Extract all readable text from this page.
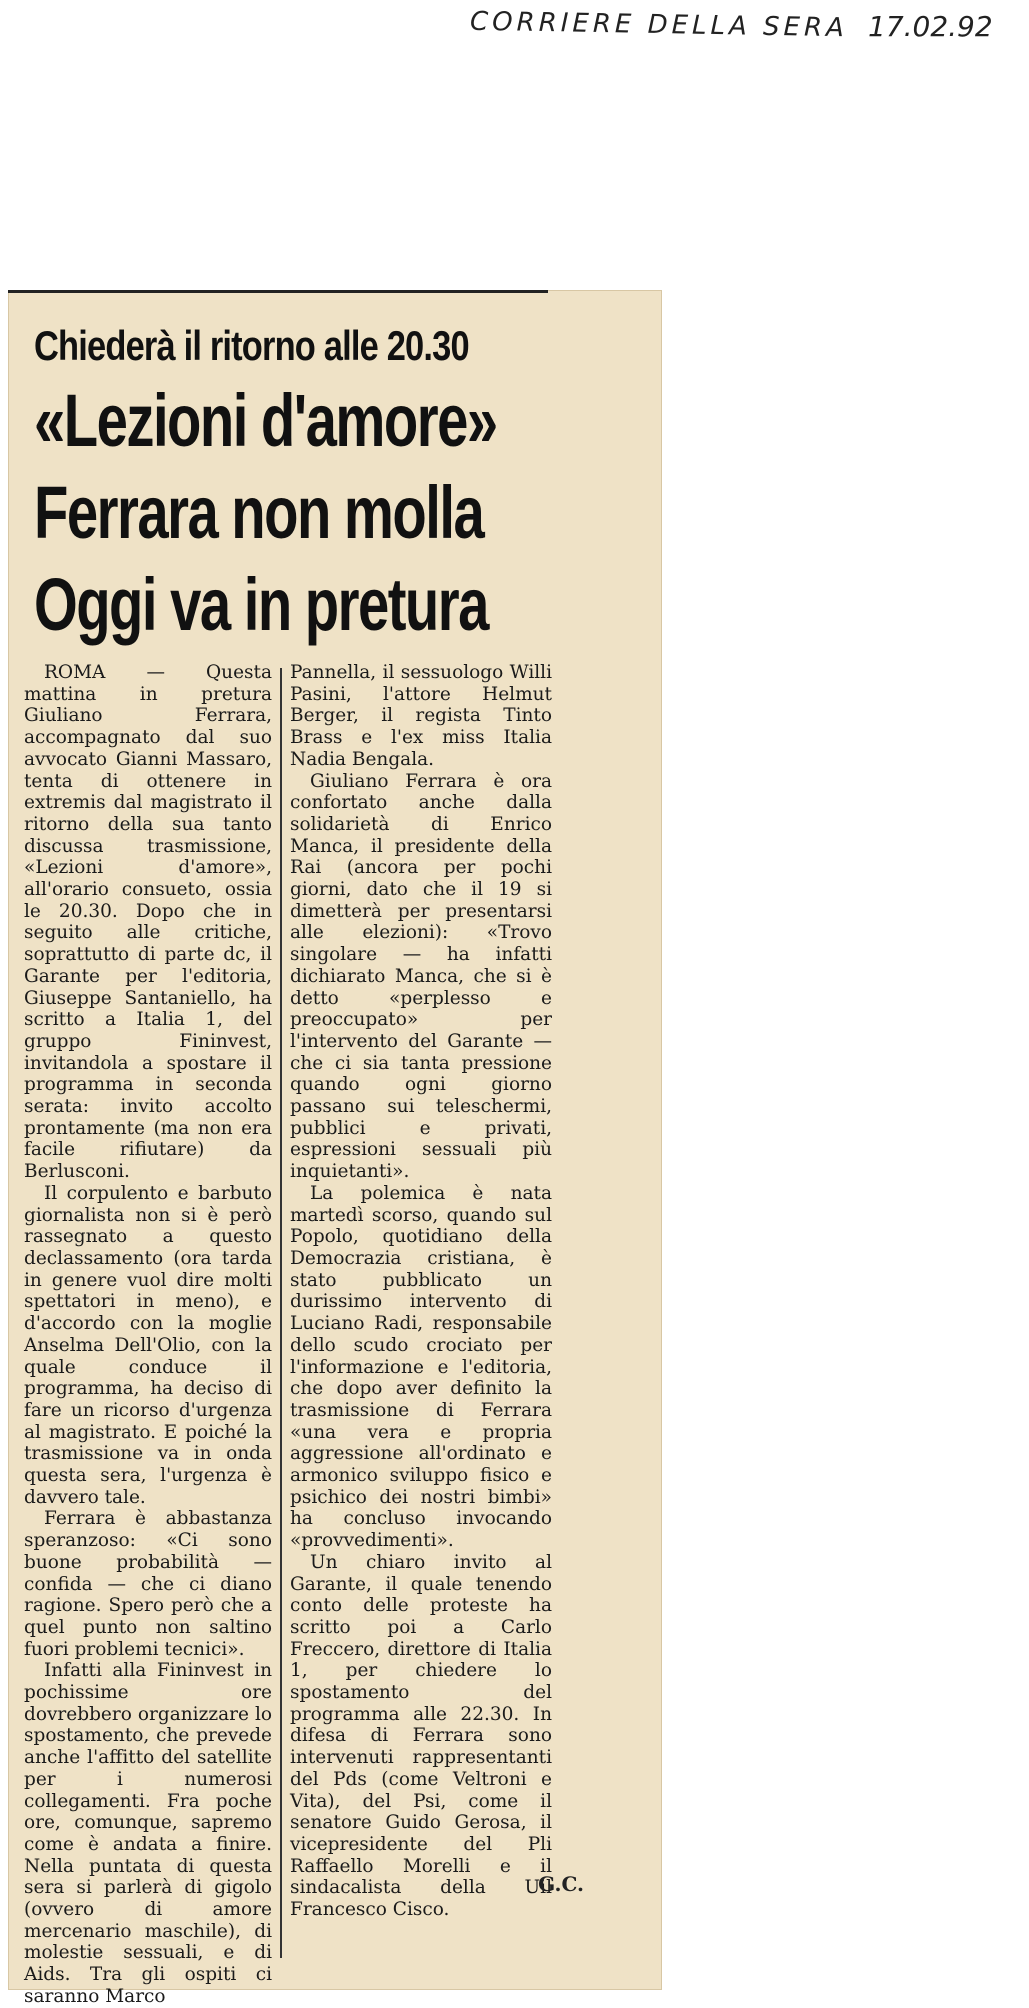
CORRIERE DELLA SERA 17.02.92
Chiederà il ritorno alle 20.30
«Lezioni d'amore»
Ferrara non molla
Oggi va in pretura

ROMA — Questa mattina in pretura Giuliano Ferrara, accompagnato dal suo avvocato Gianni Massaro, tenta di ottenere in extremis dal magistrato il ritorno della sua tanto discussa trasmissione, «Lezioni d'amore», all'orario consueto, ossia le 20.30. Dopo che in seguito alle critiche, soprattutto di parte dc, il Garante per l'editoria, Giuseppe Santaniello, ha scritto a Italia 1, del gruppo Fininvest, invitandola a spostare il programma in seconda serata: invito accolto prontamente (ma non era facile rifiutare) da Berlusconi.

Il corpulento e barbuto giornalista non si è però rassegnato a questo declassamento (ora tarda in genere vuol dire molti spettatori in meno), e d'accordo con la moglie Anselma Dell'Olio, con la quale conduce il programma, ha deciso di fare un ricorso d'urgenza al magistrato. E poiché la trasmissione va in onda questa sera, l'urgenza è davvero tale.

Ferrara è abbastanza speranzoso: «Ci sono buone probabilità — confida — che ci diano ragione. Spero però che a quel punto non saltino fuori problemi tecnici».

Infatti alla Fininvest in pochissime ore dovrebbero organizzare lo spostamento, che prevede anche l'affitto del satellite per i numerosi collegamenti. Fra poche ore, comunque, sapremo come è andata a finire. Nella puntata di questa sera si parlerà di gigolo (ovvero di amore mercenario maschile), di molestie sessuali, e di Aids. Tra gli ospiti ci saranno Marco

Pannella, il sessuologo Willi Pasini, l'attore Helmut Berger, il regista Tinto Brass e l'ex miss Italia Nadia Bengala.

Giuliano Ferrara è ora confortato anche dalla solidarietà di Enrico Manca, il presidente della Rai (ancora per pochi giorni, dato che il 19 si dimetterà per presentarsi alle elezioni): «Trovo singolare — ha infatti dichiarato Manca, che si è detto «perplesso e preoccupato» per l'intervento del Garante — che ci sia tanta pressione quando ogni giorno passano sui teleschermi, pubblici e privati, espressioni sessuali più inquietanti».

La polemica è nata martedì scorso, quando sul Popolo, quotidiano della Democrazia cristiana, è stato pubblicato un durissimo intervento di Luciano Radi, responsabile dello scudo crociato per l'informazione e l'editoria, che dopo aver definito la trasmissione di Ferrara «una vera e propria aggressione all'ordinato e armonico sviluppo fisico e psichico dei nostri bimbi» ha concluso invocando «provvedimenti».

Un chiaro invito al Garante, il quale tenendo conto delle proteste ha scritto poi a Carlo Freccero, direttore di Italia 1, per chiedere lo spostamento del programma alle 22.30. In difesa di Ferrara sono intervenuti rappresentanti del Pds (come Veltroni e Vita), del Psi, come il senatore Guido Gerosa, il vicepresidente del Pli Raffaello Morelli e il sindacalista della Uil Francesco Cisco.

G.C.
